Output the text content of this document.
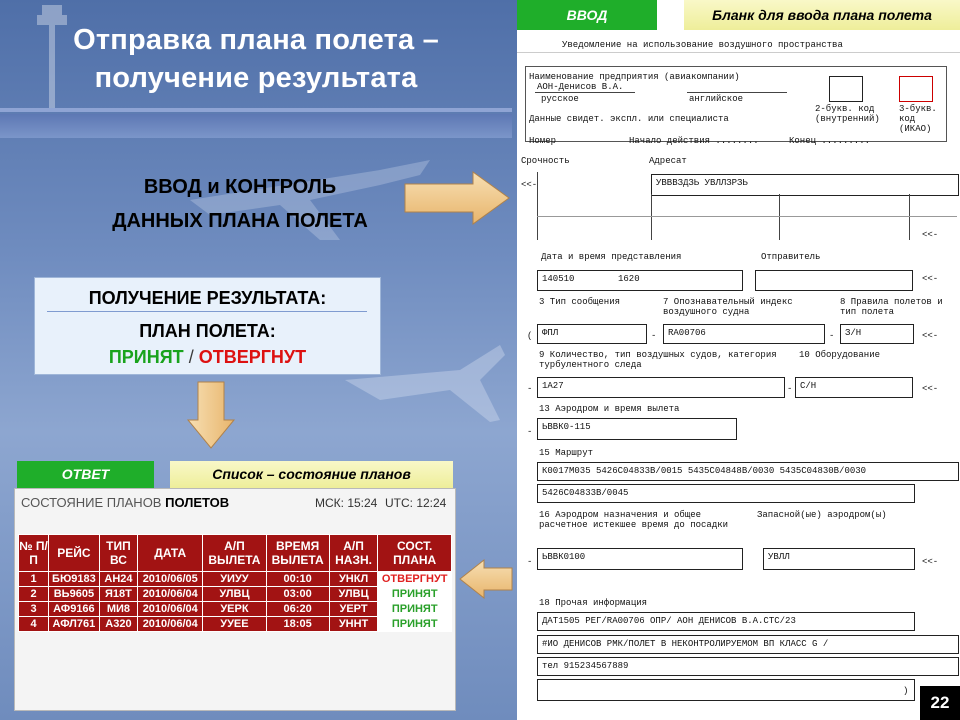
Отправка плана полета –
получение результата
ВВОД и КОНТРОЛЬ
ДАННЫХ ПЛАНА ПОЛЕТА
ПОЛУЧЕНИЕ РЕЗУЛЬТАТА:
ПЛАН ПОЛЕТА:
ПРИНЯТ / ОТВЕРГНУТ
ОТВЕТ	Список – состояние планов
СОСТОЯНИЕ ПЛАНОВ ПОЛЕТОВ	МСК: 15:24 UTC: 12:24
№ П/П	РЕЙС	ТИП ВС	ДАТА	А/П ВЫЛЕТА	ВРЕМЯ ВЫЛЕТА	А/П НАЗН.	СОСТ. ПЛАНА
1	БЮ9183	АН24	2010/06/05	УИУУ	00:10	УНКЛ	ОТВЕРГНУТ
2	ВЬ9605	Я18Т	2010/06/04	УЛВЦ	03:00	УЛВЦ	ПРИНЯТ
3	АФ9166	МИ8	2010/06/04	УЕРК	06:20	УЕРТ	ПРИНЯТ
4	АФЛ761	А320	2010/06/04	УУЕЕ	18:05	УННТ	ПРИНЯТ
ВВОД	Бланк для ввода плана полета
Уведомление на использование воздушного пространства
Наименование предприятия (авиакомпании)
АОН-Денисов В.А.
русское	английское
2-букв. код (внутренний)
3-букв. код (ИКАО)
Данные свидет. экспл. или специалиста
Номер	Начало действия ........	Конец .........
Срочность	Адресат
<<-	УВВВЗДЗЬ УВЛЛЗРЗЬ
<<-
Дата и время представления	Отправитель
140510	1620	<<-
3 Тип сообщения	7 Опознавательный индекс воздушного судна
8 Правила полетов и тип полета
( ФПЛ	- RA00706	- З/Н	<<-
9 Количество, тип воздушных судов, категория турбулентного следа
10 Оборудование
- 1А27	- С/Н	<<-
13 Аэродром и время вылета
- ЬВВК0-115
15 Маршрут
К0017М035 5426С04833В/0015 5435С04848В/0030 5435С04830В/0030
5426С04833В/0045
16 Аэродром назначения и общее расчетное истекшее время до посадки
Запасной(ые) аэродром(ы)
- ЬВВК0100	УВЛЛ	<<-
18 Прочая информация
ДАТ1505 РЕГ/RA00706 ОПР/ АОН ДЕНИСОВ В.А.СТС/23
#ИО ДЕНИСОВ РМК/ПОЛЕТ В НЕКОНТРОЛИРУЕМОМ ВП КЛАСС G /
тел 915234567889
)
22
